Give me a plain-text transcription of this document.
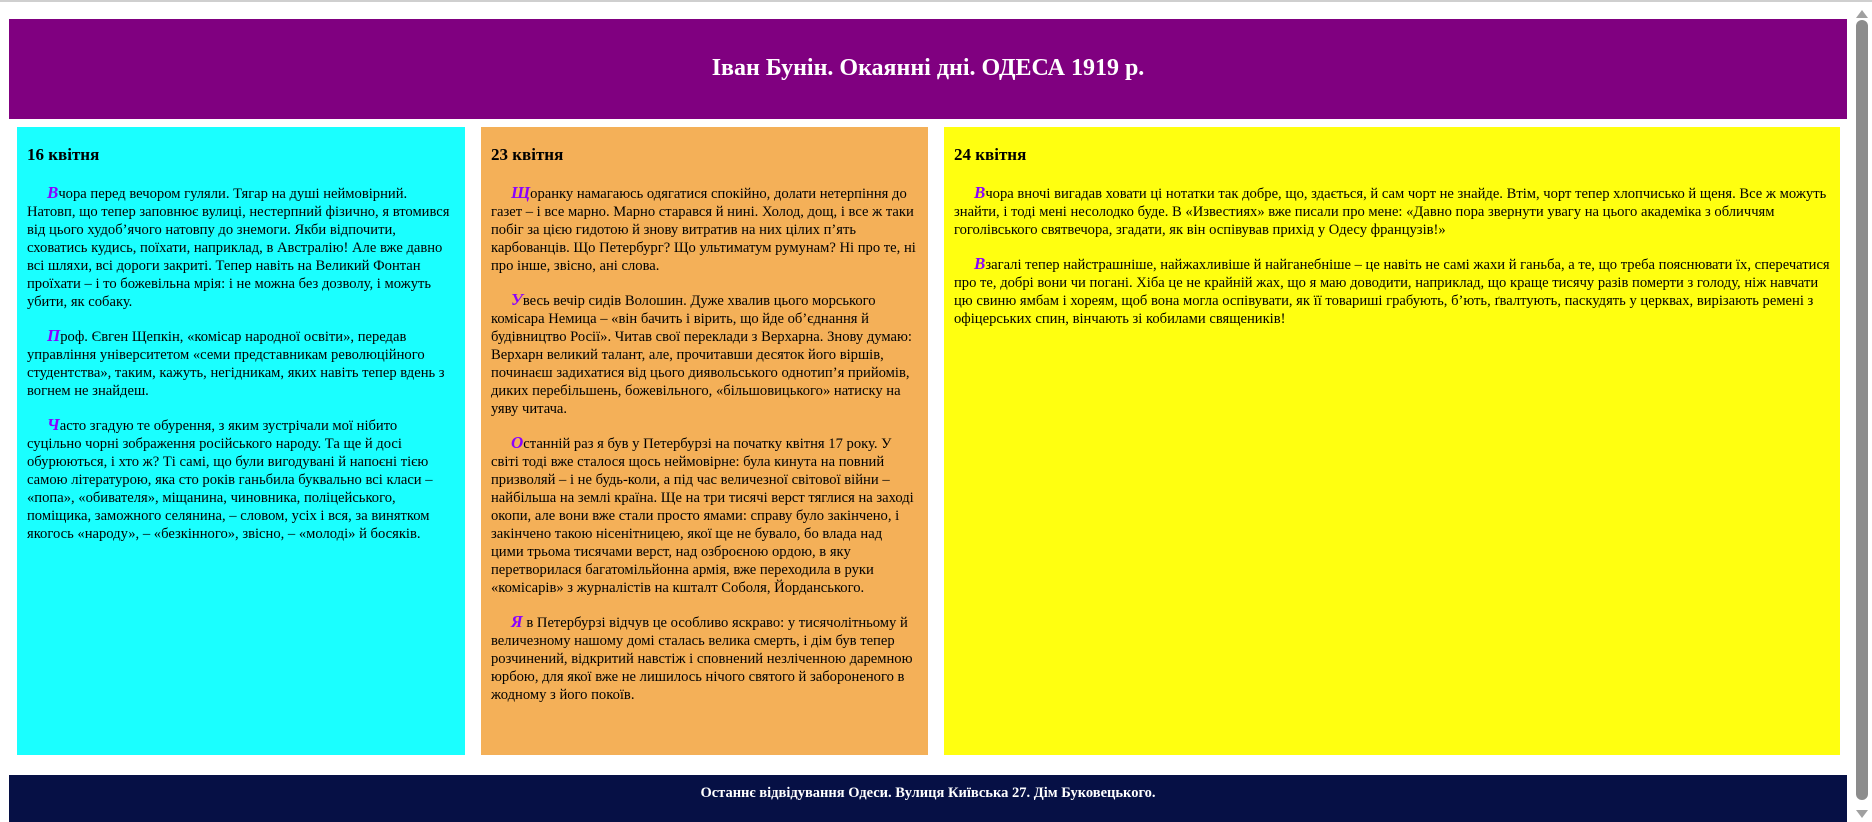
Іван Бунін. Окаянні дні. ОДЕСА 1919 р.
16 квітня

Вчора перед вечором гуляли. Тягар на душі неймовірний. Натовп, що тепер заповнює вулиці, нестерпний фізично, я втомився від цього худоб’ячого натовпу до знемоги. Якби відпочити, сховатись кудись, поїхати, наприклад, в Австралію! Але вже давно всі шляхи, всі дороги закриті. Тепер навіть на Великий Фонтан проїхати – і то божевільна мрія: і не можна без дозволу, і можуть убити, як собаку.

Проф. Євген Щепкін, «комісар народної освіти», передав управління університетом «семи представникам революційного студентства», таким, кажуть, негідникам, яких навіть тепер вдень з вогнем не знайдеш.

Часто згадую те обурення, з яким зустрічали мої нібито суцільно чорні зображення російського народу. Та ще й досі обурюються, і хто ж? Ті самі, що були вигодувані й напоєні тією самою літературою, яка сто років ганьбила буквально всі класи – «попа», «обивателя», міщанина, чиновника, поліцейського, поміщика, заможного селянина, – словом, усіх і вся, за винятком якогось «народу», – «безкінного», звісно, – «молоді» й босяків.

23 квітня

Щоранку намагаюсь одягатися спокійно, долати нетерпіння до газет – і все марно. Марно старався й нині. Холод, дощ, і все ж таки побіг за цією гидотою й знову витратив на них цілих п’ять карбованців. Що Петербург? Що ультиматум румунам? Ні про те, ні про інше, звісно, ані слова.

Увесь вечір сидів Волошин. Дуже хвалив цього морського комісара Немица – «він бачить і вірить, що йде об’єднання й будівництво Росії». Читав свої переклади з Верхарна. Знову думаю: Верхарн великий талант, але, прочитавши десяток його віршів, починаєш задихатися від цього диявольського однотип’я прийомів, диких перебільшень, божевільного, «більшовицького» натиску на уяву читача.

Останній раз я був у Петербурзі на початку квітня 17 року. У світі тоді вже сталося щось неймовірне: була кинута на повний призволяй – і не будь-коли, а під час величезної світової війни – найбільша на землі країна. Ще на три тисячі верст тяглися на заході окопи, але вони вже стали просто ямами: справу було закінчено, і закінчено такою нісенітницею, якої ще не бувало, бо влада над цими трьома тисячами верст, над озброєною ордою, в яку перетворилася багатомільйонна армія, вже переходила в руки «комісарів» з журналістів на кшталт Соболя, Йорданського.

Я в Петербурзі відчув це особливо яскраво: у тисячолітньому й величезному нашому домі сталась велика смерть, і дім був тепер розчинений, відкритий навстіж і сповнений незліченною даремною юрбою, для якої вже не лишилось нічого святого й забороненого в жодному з його покоїв.

24 квітня

Вчора вночі вигадав ховати ці нотатки так добре, що, здається, й сам чорт не знайде. Втім, чорт тепер хлопчисько й щеня. Все ж можуть знайти, і тоді мені несолодко буде. В «Известиях» вже писали про мене: «Давно пора звернути увагу на цього академіка з обличчям гоголівського святвечора, згадати, як він оспівував прихід у Одесу французів!»

Взагалі тепер найстрашніше, найжахливіше й найганебніше – це навіть не самі жахи й ганьба, а те, що треба пояснювати їх, сперечатися про те, добрі вони чи погані. Хіба це не крайній жах, що я маю доводити, наприклад, що краще тисячу разів померти з голоду, ніж навчати цю свиню ямбам і хореям, щоб вона могла оспівувати, як її товариші грабують, б’ють, ґвалтують, паскудять у церквах, вирізають ремені з офіцерських спин, вінчають зі кобилами священиків!

Останнє відвідування Одеси. Вулиця Київська 27. Дім Буковецького.
